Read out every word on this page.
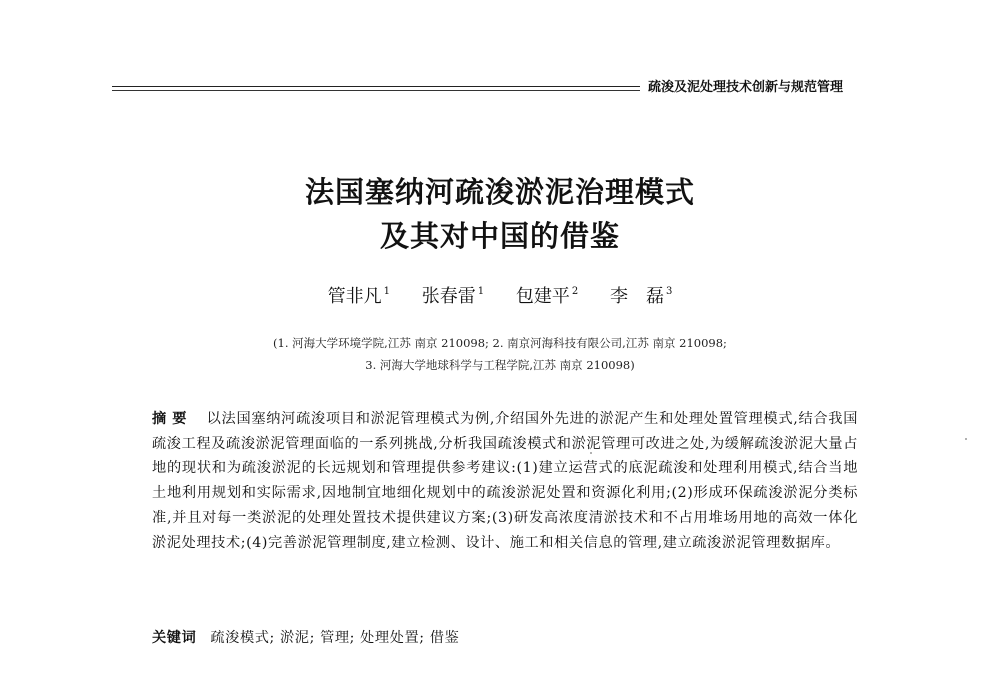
疏浚及泥处理技术创新与规范管理
法国塞纳河疏浚淤泥治理模式
及其对中国的借鉴
管非凡 $^1$ 张春雷 $^1$ 包建平 $^2$ 李　磊 $^3$
(1. 河海大学环境学院,江苏 南京 210098; 2. 南京河海科技有限公司,江苏 南京 210098;
3. 河海大学地球科学与工程学院,江苏 南京 210098)
摘要 以法国塞纳河疏浚项目和淤泥管理模式为例,介绍国外先进的淤泥产生和处理处置管理模式,结合我国疏浚工程及疏浚淤泥管理面临的一系列挑战,分析我国疏浚模式和淤泥管理可改进之处,为缓解疏浚淤泥大量占地的现状和为疏浚淤泥的长远规划和管理提供参考建议:(1)建立运营式的底泥疏浚和处理利用模式,结合当地土地利用规划和实际需求,因地制宜地细化规划中的疏浚淤泥处置和资源化利用;(2)形成环保疏浚淤泥分类标准,并且对每一类淤泥的处理处置技术提供建议方案;(3)研发高浓度清淤技术和不占用堆场用地的高效一体化淤泥处理技术;(4)完善淤泥管理制度,建立检测、设计、施工和相关信息的管理,建立疏浚淤泥管理数据库。
关键词 疏浚模式; 淤泥; 管理; 处理处置; 借鉴
